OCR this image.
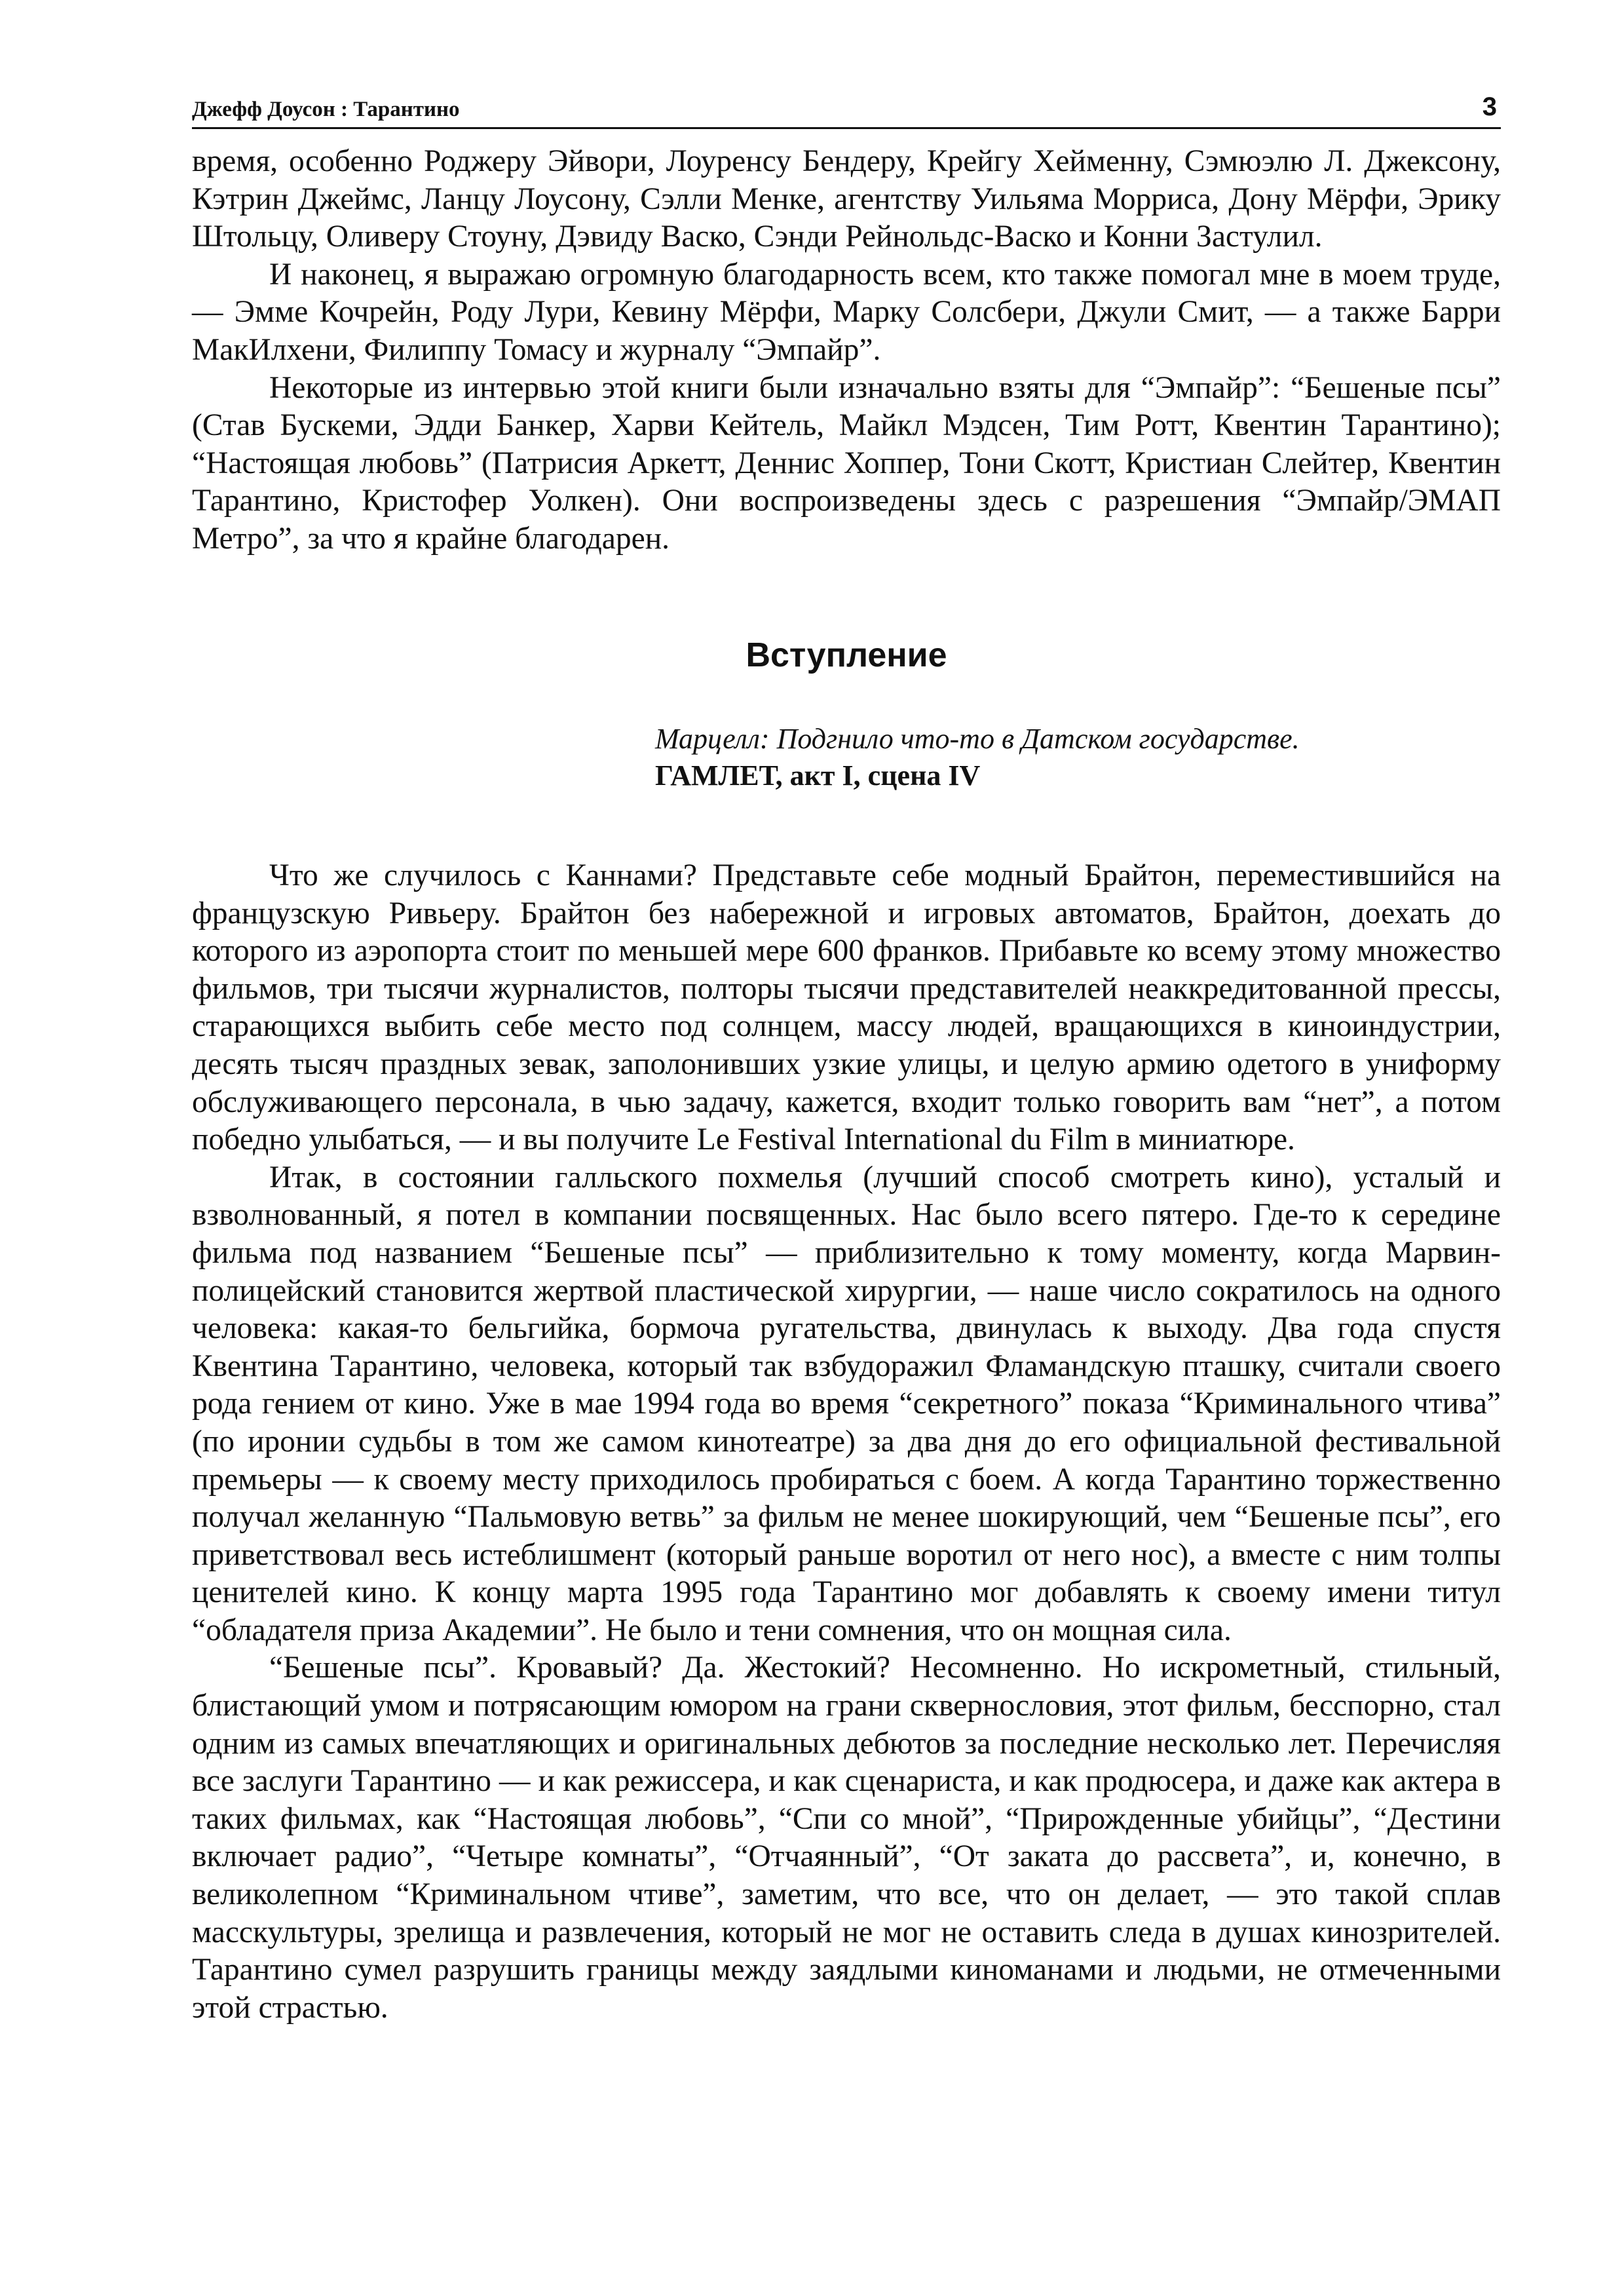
Джефф Доусон : Тарантино	3

время, особенно Роджеру Эйвори, Лоуренсу Бендеру, Крейгу Хейменну, Сэмюэлю Л. Джексону, Кэтрин Джеймс, Ланцу Лоусону, Сэлли Менке, агентству Уильяма Морриса, Дону Мёрфи, Эрику Штольцу, Оливеру Стоуну, Дэвиду Васко, Сэнди Рейнольдс-Васко и Конни Застулил.

И наконец, я выражаю огромную благодарность всем, кто также помогал мне в моем труде, — Эмме Кочрейн, Роду Лури, Кевину Мёрфи, Марку Солсбери, Джули Смит, — а также Барри МакИлхени, Филиппу Томасу и журналу “Эмпайр”.

Некоторые из интервью этой книги были изначально взяты для “Эмпайр”: “Бешеные псы” (Став Бускеми, Эдди Банкер, Харви Кейтель, Майкл Мэдсен, Тим Ротт, Квентин Тарантино); “Настоящая любовь” (Патрисия Аркетт, Деннис Хоппер, Тони Скотт, Кристиан Слейтер, Квентин Тарантино, Кристофер Уолкен). Они воспроизведены здесь с разрешения “Эмпайр/ЭМАП Метро”, за что я крайне благодарен.

Вступление
Марцелл: Подгнило что-то в Датском государстве.
ГАМЛЕТ, акт I, сцена IV

Что же случилось с Каннами? Представьте себе модный Брайтон, переместившийся на французскую Ривьеру. Брайтон без набережной и игровых автоматов, Брайтон, доехать до которого из аэропорта стоит по меньшей мере 600 франков. Прибавьте ко всему этому множество фильмов, три тысячи журналистов, полторы тысячи представителей неаккредитованной прессы, старающихся выбить себе место под солнцем, массу людей, вращающихся в киноиндустрии, десять тысяч праздных зевак, заполонивших узкие улицы, и целую армию одетого в униформу обслуживающего персонала, в чью задачу, кажется, входит только говорить вам “нет”, а потом победно улыбаться, — и вы получите Le Festival International du Film в миниатюре.

Итак, в состоянии галльского похмелья (лучший способ смотреть кино), усталый и взволнованный, я потел в компании посвященных. Нас было всего пятеро. Где-то к середине фильма под названием “Бешеные псы” — приблизительно к тому моменту, когда Марвин-полицейский становится жертвой пластической хирургии, — наше число сократилось на одного человека: какая-то бельгийка, бормоча ругательства, двинулась к выходу. Два года спустя Квентина Тарантино, человека, который так взбудоражил Фламандскую пташку, считали своего рода гением от кино. Уже в мае 1994 года во время “секретного” показа “Криминального чтива” (по иронии судьбы в том же самом кинотеатре) за два дня до его официальной фестивальной премьеры — к своему месту приходилось пробираться с боем. А когда Тарантино торжественно получал желанную “Пальмовую ветвь” за фильм не менее шокирующий, чем “Бешеные псы”, его приветствовал весь истеблишмент (который раньше воротил от него нос), а вместе с ним толпы ценителей кино. К концу марта 1995 года Тарантино мог добавлять к своему имени титул “обладателя приза Академии”. Не было и тени сомнения, что он мощная сила.

“Бешеные псы”. Кровавый? Да. Жестокий? Несомненно. Но искрометный, стильный, блистающий умом и потрясающим юмором на грани сквернословия, этот фильм, бесспорно, стал одним из самых впечатляющих и оригинальных дебютов за последние несколько лет. Перечисляя все заслуги Тарантино — и как режиссера, и как сценариста, и как продюсера, и даже как актера в таких фильмах, как “Настоящая любовь”, “Спи со мной”, “Прирожденные убийцы”, “Дестини включает радио”, “Четыре комнаты”, “Отчаянный”, “От заката до рассвета”, и, конечно, в великолепном “Криминальном чтиве”, заметим, что все, что он делает, — это такой сплав масскультуры, зрелища и развлечения, который не мог не оставить следа в душах кинозрителей. Тарантино сумел разрушить границы между заядлыми киноманами и людьми, не отмеченными этой страстью.
